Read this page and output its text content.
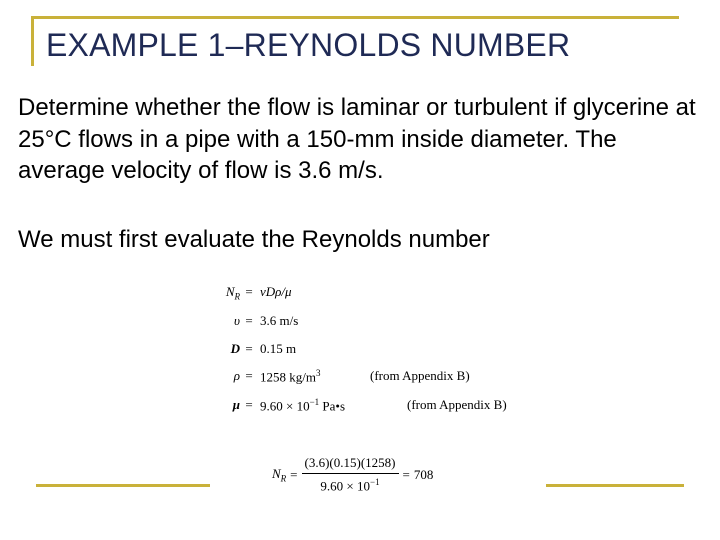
EXAMPLE 1–REYNOLDS NUMBER
Determine whether the flow is laminar or turbulent if glycerine at 25°C flows in a pipe with a 150-mm inside diameter. The average velocity of flow is 3.6 m/s.
We must first evaluate the Reynolds number
$N_R = vD\rho/\mu$
υ = 3.6 m/s
D = 0.15 m
ρ = 1258 $kg/m^3$	(from Appendix B)
$\mu = 9.60 \times 10^{-1}$ Pa•s	(from Appendix B)
$N_R = \frac{(3.6)(0.15)(1258)}{9.60 \times 10^{-1}} = 708$
